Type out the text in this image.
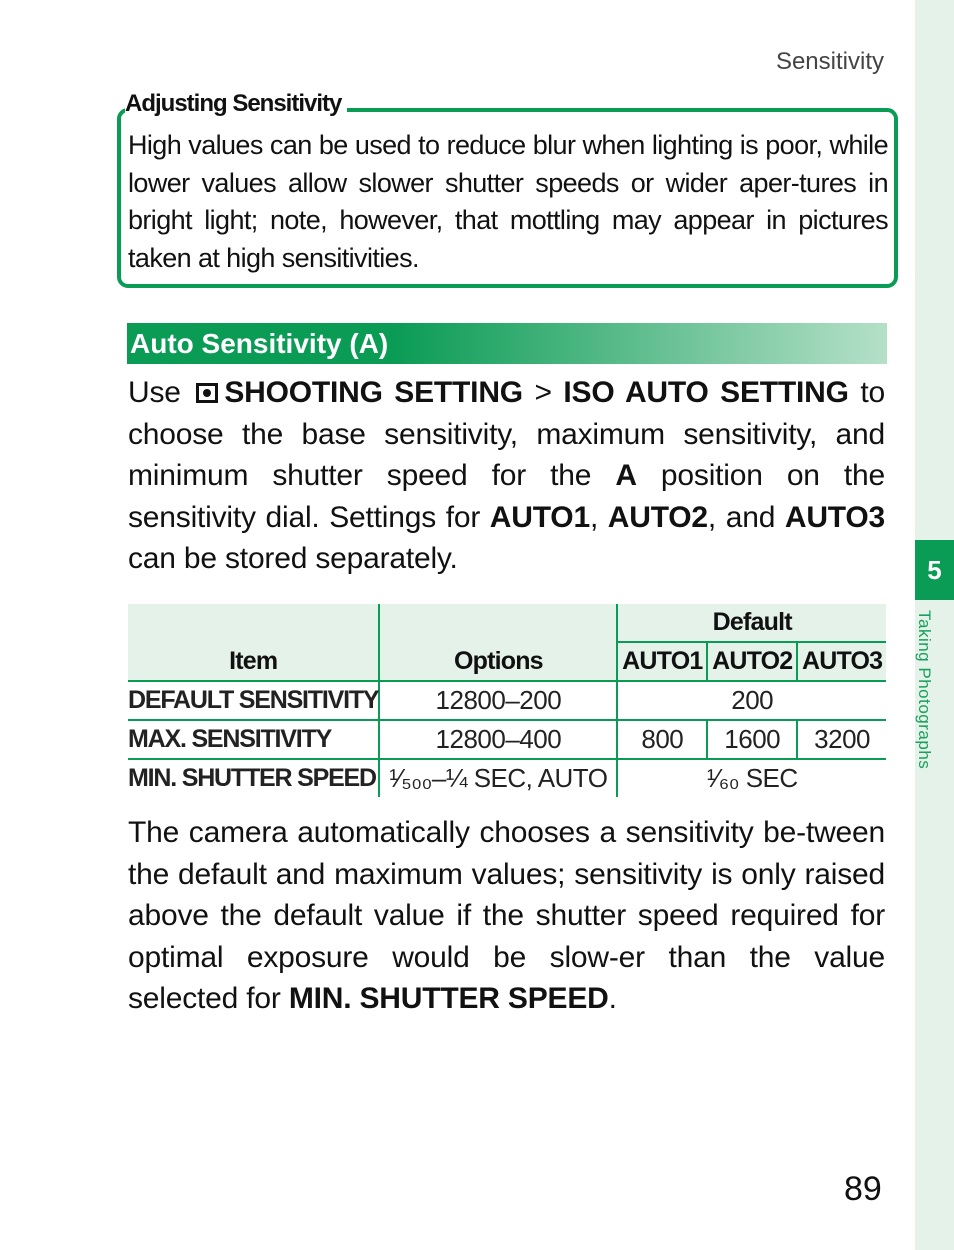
5
Taking Photographs
Sensitivity
Adjusting Sensitivity
High values can be used to reduce blur when lighting is poor, while lower values allow slower shutter speeds or wider aper-tures in bright light; note, however, that mottling may appear in pictures taken at high sensitivities.
Auto Sensitivity (A)
Use SHOOTING SETTING > ISO AUTO SETTING to choose the base sensitivity, maximum sensitivity, and minimum shutter speed for the A position on the sensitivity dial. Settings for AUTO1, AUTO2, and AUTO3 can be stored separately.
Item	Options	Default		
		AUTO1	AUTO2	AUTO3
DEFAULT SENSITIVITY	12800–200	200		
MAX. SENSITIVITY	12800–400	800	1600	3200
MIN. SHUTTER SPEED	¹⁄₅₀₀–¼ SEC, AUTO	¹⁄₆₀ SEC		
The camera automatically chooses a sensitivity be-tween the default and maximum values; sensitivity is only raised above the default value if the shutter speed required for optimal exposure would be slow-er than the value selected for MIN. SHUTTER SPEED.
89
